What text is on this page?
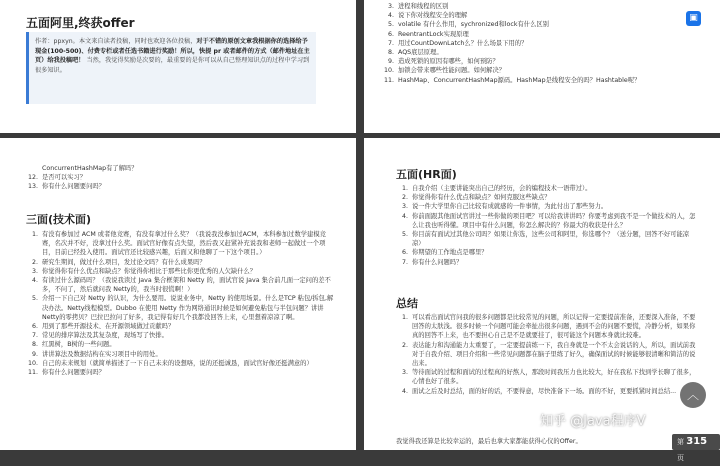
五面阿里,终获offer
作者：ppxyn。本文来自读者投稿，同时也欢迎各位投稿，对于不错的原创文章我根据你的选择给予现金(100-500)、付费专栏或者任选书籍进行奖励！所以，快提 pr 或者邮件的方式（邮件地址在主页）给我投稿吧！ 当然，我觉得奖励是次要的，最重要的是你可以从自己整理知识点的过程中学习到很多知识。
3. 进程和线程的区别
4. 说下你对线程安全的理解
5. volatile 有什么作用，sychronized和lock有什么区别
6. ReentrantLock实现原理
7. 用过CountDownLatch么？什么场景下用的？
8. AQS底层原理。
9. 造成死锁的原因有哪些，如何预防？
10. 加锁会带来哪些性能问题。如何解决？
11. HashMap、ConcurrentHashMap源码。HashMap是线程安全的吗？Hashtable呢？
ConcurrentHashMap有了解吗？
12. 是否可以实习？
13. 你有什么问题要问吗？
三面(技术面)
1. 有没有参加过 ACM 或者他竞赛，有没有拿过什么奖？（我说我没参加过ACM，本科参加过数学建模竞赛，名次并不好，没拿过什么奖。面试官好像有点失望，然后我又赶紧补充说我和老师一起做过一个项目，目前已经投入使用。面试官还比较感兴趣，后面又和他聊了一下这个项目。）
2. 研究生期间，做过什么项目，发过论文吗？有什么成果吗？
3. 你觉得你有什么优点和缺点？你觉得你相比于那些比你更优秀的人欠缺什么？
4. 有读过什么源码吗？（我说我读过 Java 集合框架和 Netty 的，面试官说 Java 集合前几面一定问的差不多，不问了，然后就问我 Netty的，我当时很慌啊！）
5. 介绍一下自己对 Netty 的认识，为什么要用。说说业务中，Netty 的使用场景。什么是TCP 粘包/拆包,解决办法。Netty线程模型。Dubbo 在使用 Netty 作为网络通讯时候是如何避免粘包与半包问题？讲讲Netty的零拷贝？巴拉巴拉问了好多，我记得有好几个我都没回答上来，心里想着凉凉了啊。
6. 用到了那些开源技术、在开源领域做过贡献吗？
7. 常见的排序算法及其复杂度，现场写了快排。
8. 红黑树，B树的一些问题。
9. 讲讲算法及数据结构在实习项目中的用处。
10. 自己的未来规划（就简单描述了一下自己未来的设想咯，说的还挺诚恳，面试官好像还挺满意的）
11. 你有什么问题要问吗？
五面(HR面)
1. 自我介绍（主要讲能突出自己的经历，会的编程技术一语带过）。
2. 你觉得你有什么优点和缺点？如何克服这些缺点？
3. 说一件大学里你自己比较有成就感的一件事情，为此付出了那些努力。
4. 你前面跟其他面试官讲过一些你做的项目吧？可以给我讲讲吗？你要考虑到我不是一个做技术的人，怎么让我也听得懂。项目中有什么问题，你怎么解决的？你最大的收获是什么？
5. 你目前有面试过其他公司吗？如果让你选，这些公司和阿里，你选哪个？（送分题，回答不好可能凉凉）
6. 你期望的工作地点是哪里？
7. 你有什么问题吗？
总结
1. 可以看出面试官问我的很多问题都是比较常见的问题，所以记得一定要提前准备，还要深入准备，不要回答的太肤浅。很多时候一个问题可能会牵扯出很多问题，遇到不会的问题不要慌，冷静分析，如果你真的回答不上来，也不要担心自己是不是就要挂了，很可能这个问题本身就比较难。
2. 表达能力和沟通能力太重要了，一定要提前练一下，我自身就是一个不太会说话的人，所以，面试前我对于自我介绍、项目介绍和一些常见问题都在脑子里练了好久，确保面试的时候能够很清晰和简洁的说出来。
3. 等待面试的过程和面试的过程真的好熬人，那段时间我压力也比较大，好在我私下找到学长聊了很多，心情也好了很多。
4. 面试之后及时总结，面的好的话，不要得意，尽快准备下一场。面的不好，更要抓紧时间总结...
我觉得我还算是比较幸运的，最后也拿大家都能获得心仪的Offer。
▣
︿
知乎 @Java程序V
第 315 页
